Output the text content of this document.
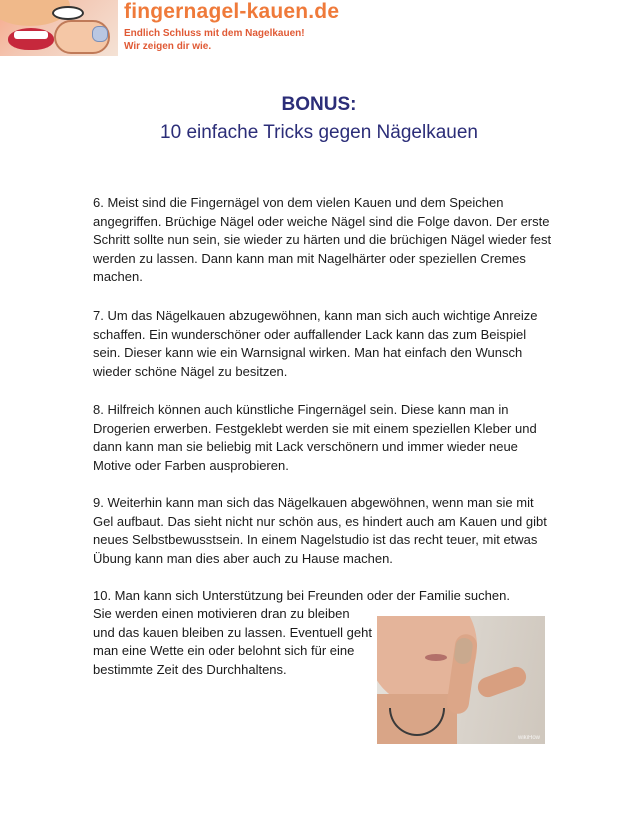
fingernagel-kauen.de
Endlich Schluss mit dem Nagelkauen!
Wir zeigen dir wie.
BONUS:
10 einfache Tricks gegen Nägelkauen
6. Meist sind die Fingernägel von dem vielen Kauen und dem Speichen angegriffen. Brüchige Nägel oder weiche Nägel sind die Folge davon. Der erste Schritt sollte nun sein, sie wieder zu härten und die brüchigen Nägel wieder fest werden zu lassen. Dann kann man mit Nagelhärter oder speziellen Cremes machen.
7. Um das Nägelkauen abzugewöhnen, kann man sich auch wichtige Anreize schaffen. Ein wunderschöner oder auffallender Lack kann das zum Beispiel sein. Dieser kann wie ein Warnsignal wirken. Man hat einfach den Wunsch wieder schöne Nägel zu besitzen.
8. Hilfreich können auch künstliche Fingernägel sein. Diese kann man in Drogerien erwerben. Festgeklebt werden sie mit einem speziellen Kleber und dann kann man sie beliebig mit Lack verschönern und immer wieder neue Motive oder Farben ausprobieren.
9. Weiterhin kann man sich das Nägelkauen abgewöhnen, wenn man sie mit Gel aufbaut. Das sieht nicht nur schön aus, es hindert auch am Kauen und gibt neues Selbstbewusstsein. In einem Nagelstudio ist das recht teuer, mit etwas Übung kann man dies aber auch zu Hause machen.
10. Man kann sich Unterstützung bei Freunden oder der Familie suchen.
Sie werden einen motivieren dran zu bleiben und das kauen bleiben zu lassen. Eventuell geht man eine Wette ein oder belohnt sich für eine bestimmte Zeit des Durchhaltens.
wikiHow
